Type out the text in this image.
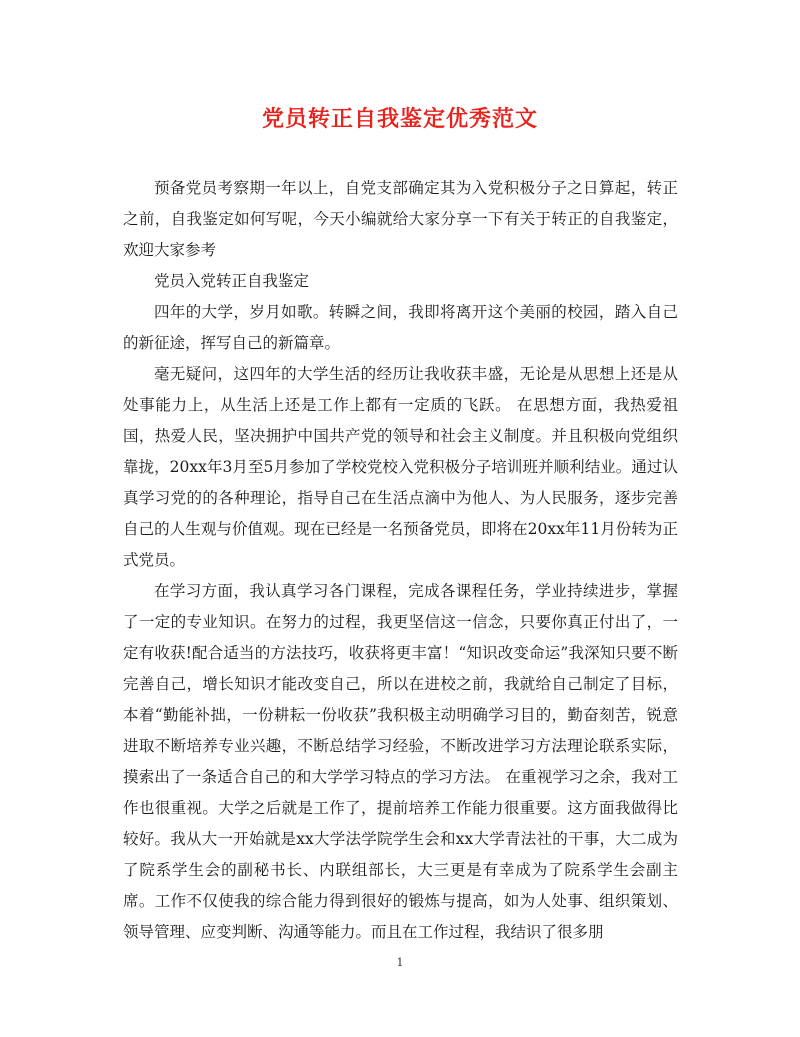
党员转正自我鉴定优秀范文

预备党员考察期一年以上，自党支部确定其为入党积极分子之日算起，转正之前，自我鉴定如何写呢，今天小编就给大家分享一下有关于转正的自我鉴定，欢迎大家参考

党员入党转正自我鉴定

四年的大学，岁月如歌。转瞬之间，我即将离开这个美丽的校园，踏入自己的新征途，挥写自己的新篇章。

毫无疑问，这四年的大学生活的经历让我收获丰盛，无论是从思想上还是从处事能力上，从生活上还是工作上都有一定质的飞跃。 在思想方面，我热爱祖国，热爱人民，坚决拥护中国共产党的领导和社会主义制度。并且积极向党组织靠拢，20xx年3月至5月参加了学校党校入党积极分子培训班并顺利结业。通过认真学习党的的各种理论，指导自己在生活点滴中为他人、为人民服务，逐步完善自己的人生观与价值观。现在已经是一名预备党员，即将在20xx年11月份转为正式党员。

在学习方面，我认真学习各门课程，完成各课程任务，学业持续进步，掌握了一定的专业知识。在努力的过程，我更坚信这一信念，只要你真正付出了，一定有收获!配合适当的方法技巧，收获将更丰富！“知识改变命运”我深知只要不断完善自己，增长知识才能改变自己，所以在进校之前，我就给自己制定了目标，本着“勤能补拙，一份耕耘一份收获”我积极主动明确学习目的，勤奋刻苦，锐意进取不断培养专业兴趣，不断总结学习经验，不断改进学习方法理论联系实际，摸索出了一条适合自己的和大学学习特点的学习方法。 在重视学习之余，我对工作也很重视。大学之后就是工作了，提前培养工作能力很重要。这方面我做得比较好。我从大一开始就是xx大学法学院学生会和xx大学青法社的干事，大二成为了院系学生会的副秘书长、内联组部长，大三更是有幸成为了院系学生会副主席。工作不仅使我的综合能力得到很好的锻炼与提高，如为人处事、组织策划、领导管理、应变判断、沟通等能力。而且在工作过程，我结识了很多朋

1
